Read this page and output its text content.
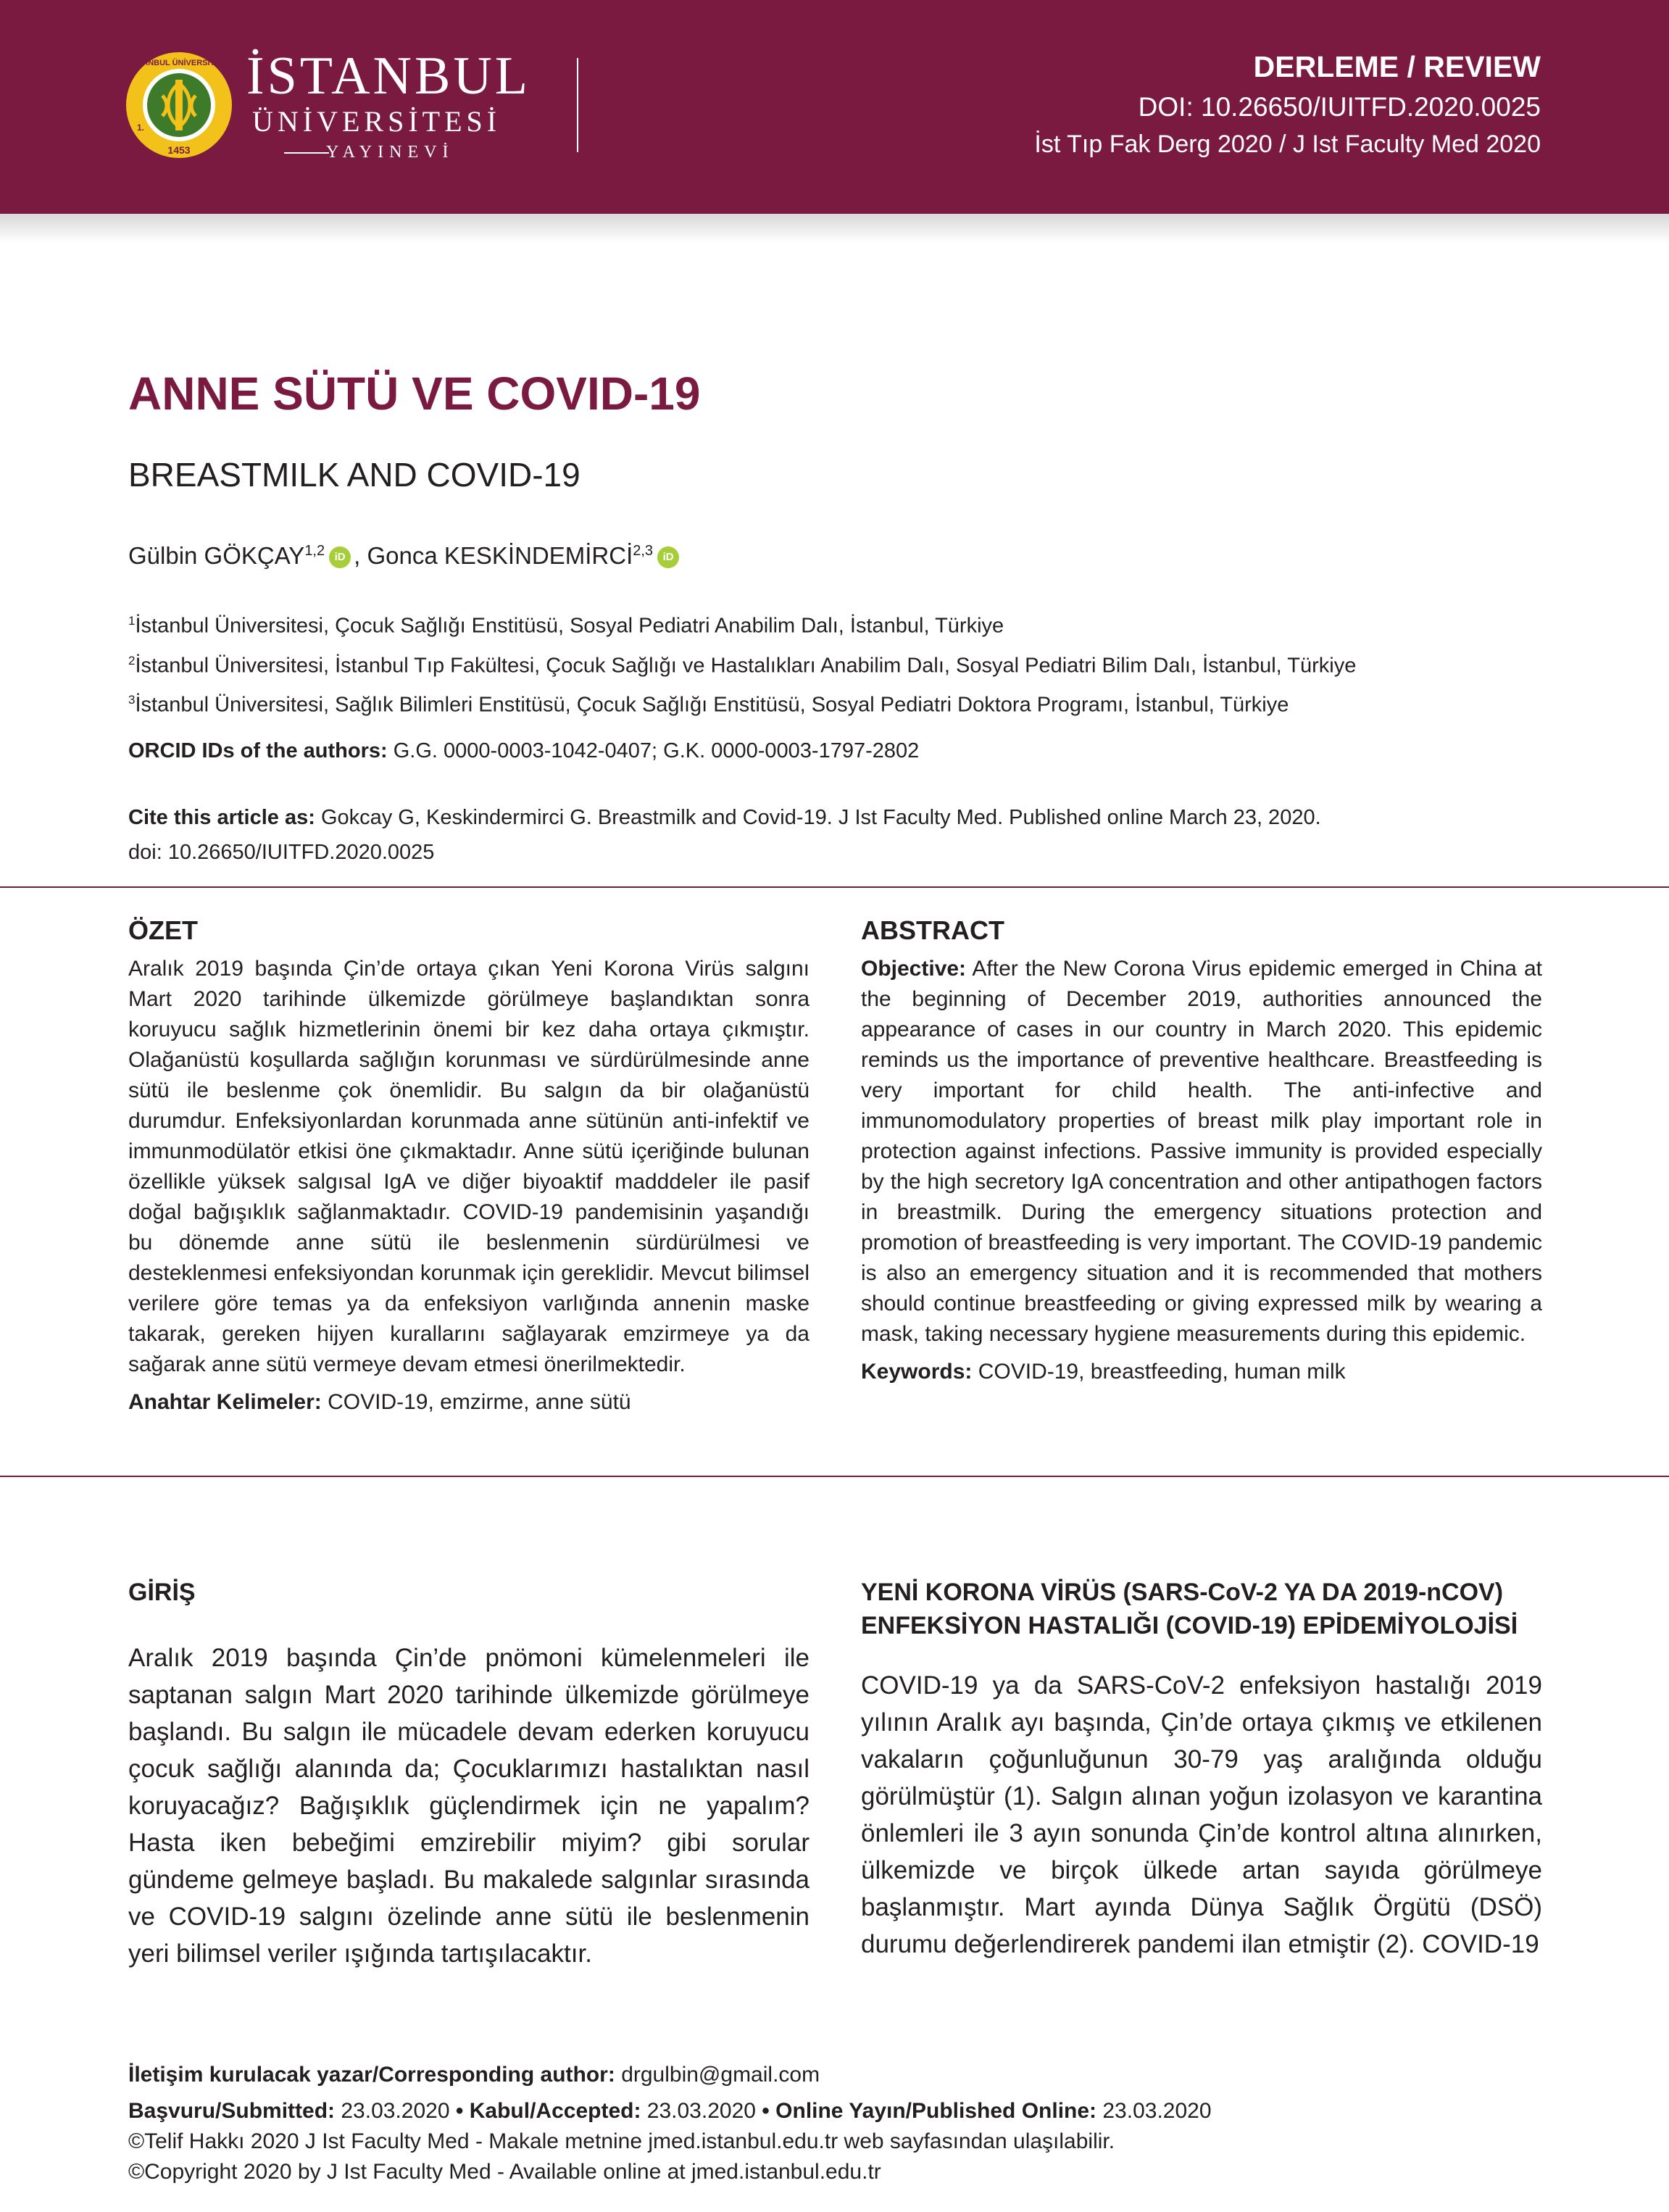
1453
İSTANBUL ÜNİVERSİTESİ
1.
İSTANBUL
ÜNİVERSİTESİ
YAYINEVİ
DERLEME / REVIEW
DOI: 10.26650/IUITFD.2020.0025
İst Tıp Fak Derg 2020 / J Ist Faculty Med 2020
ANNE SÜTÜ VE COVID-19
BREASTMILK AND COVID-19
Gülbin GÖKÇAY$^{1,2}$ iD , Gonca KESKİNDEMİRCİ$^{2,3}$ iD
$^1$İstanbul Üniversitesi, Çocuk Sağlığı Enstitüsü, Sosyal Pediatri Anabilim Dalı, İstanbul, Türkiye
$^2$İstanbul Üniversitesi, İstanbul Tıp Fakültesi, Çocuk Sağlığı ve Hastalıkları Anabilim Dalı, Sosyal Pediatri Bilim Dalı, İstanbul, Türkiye
$^3$İstanbul Üniversitesi, Sağlık Bilimleri Enstitüsü, Çocuk Sağlığı Enstitüsü, Sosyal Pediatri Doktora Programı, İstanbul, Türkiye
ORCID IDs of the authors: G.G. 0000-0003-1042-0407; G.K. 0000-0003-1797-2802
Cite this article as: Gokcay G, Keskindermirci G. Breastmilk and Covid-19. J Ist Faculty Med. Published online March 23, 2020.
doi: 10.26650/IUITFD.2020.0025
ÖZET

Aralık 2019 başında Çin’de ortaya çıkan Yeni Korona Virüs salgını Mart 2020 tarihinde ülkemizde görülmeye başlandıktan sonra koruyucu sağlık hizmetlerinin önemi bir kez daha ortaya çıkmıştır. Olağanüstü koşullarda sağlığın korunması ve sürdürülmesinde anne sütü ile beslenme çok önemlidir. Bu salgın da bir olağanüstü durumdur. Enfeksiyonlardan korunmada anne sütünün anti-infektif ve immunmodülatör etkisi öne çıkmaktadır. Anne sütü içeriğinde bulunan özellikle yüksek salgısal IgA ve diğer biyoaktif madddeler ile pasif doğal bağışıklık sağlanmaktadır. COVID-19 pandemisinin yaşandığı bu dönemde anne sütü ile beslenmenin sürdürülmesi ve desteklenmesi enfeksiyondan korunmak için gereklidir. Mevcut bilimsel verilere göre temas ya da enfeksiyon varlığında annenin maske takarak, gereken hijyen kurallarını sağlayarak emzirmeye ya da sağarak anne sütü vermeye devam etmesi önerilmektedir.

Anahtar Kelimeler: COVID-19, emzirme, anne sütü
ABSTRACT

Objective: After the New Corona Virus epidemic emerged in China at the beginning of December 2019, authorities announced the appearance of cases in our country in March 2020. This epidemic reminds us the importance of preventive healthcare. Breastfeeding is very important for child health. The anti-infective and immunomodulatory properties of breast milk play important role in protection against infections. Passive immunity is provided especially by the high secretory IgA concentration and other antipathogen factors in breastmilk. During the emergency situations protection and promotion of breastfeeding is very important. The COVID-19 pandemic is also an emergency situation and it is recommended that mothers should continue breastfeeding or giving expressed milk by wearing a mask, taking necessary hygiene measurements during this epidemic.

Keywords: COVID-19, breastfeeding, human milk
GİRİŞ

Aralık 2019 başında Çin’de pnömoni kümelenmeleri ile saptanan salgın Mart 2020 tarihinde ülkemizde görülmeye başlandı. Bu salgın ile mücadele devam ederken koruyucu çocuk sağlığı alanında da; Çocuklarımızı hastalıktan nasıl koruyacağız? Bağışıklık güçlendirmek için ne yapalım? Hasta iken bebeğimi emzirebilir miyim? gibi sorular gündeme gelmeye başladı. Bu makalede salgınlar sırasında ve COVID-19 salgını özelinde anne sütü ile beslenmenin yeri bilimsel veriler ışığında tartışılacaktır.

YENİ KORONA VİRÜS (SARS-CoV-2 YA DA 2019-nCOV)
ENFEKSİYON HASTALIĞI (COVID-19) EPİDEMİYOLOJİSİ

COVID-19 ya da SARS-CoV-2 enfeksiyon hastalığı 2019 yılının Aralık ayı başında, Çin’de ortaya çıkmış ve etkilenen vakaların çoğunluğunun 30-79 yaş aralığında olduğu görülmüştür (1). Salgın alınan yoğun izolasyon ve karantina önlemleri ile 3 ayın sonunda Çin’de kontrol altına alınırken, ülkemizde ve birçok ülkede artan sayıda görülmeye başlanmıştır. Mart ayında Dünya Sağlık Örgütü (DSÖ) durumu değerlendirerek pandemi ilan etmiştir (2). COVID-19

İletişim kurulacak yazar/Corresponding author: drgulbin@gmail.com
Başvuru/Submitted: 23.03.2020 • Kabul/Accepted: 23.03.2020 • Online Yayın/Published Online: 23.03.2020
©Telif Hakkı 2020 J Ist Faculty Med - Makale metnine jmed.istanbul.edu.tr web sayfasından ulaşılabilir.
©Copyright 2020 by J Ist Faculty Med - Available online at jmed.istanbul.edu.tr
